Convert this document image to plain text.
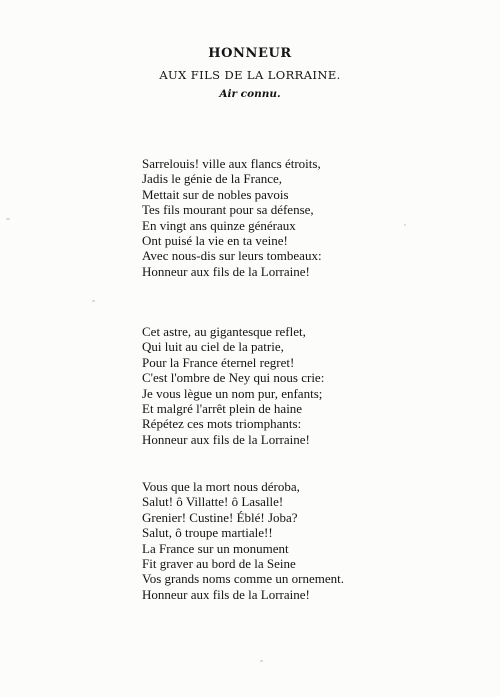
HONNEUR
AUX FILS DE LA LORRAINE.
Air connu.
Sarrelouis! ville aux flancs étroits,
Jadis le génie de la France,
Mettait sur de nobles pavois
Tes fils mourant pour sa défense,
En vingt ans quinze généraux
Ont puisé la vie en ta veine!
Avec nous-dis sur leurs tombeaux:
Honneur aux fils de la Lorraine!
Cet astre, au gigantesque reflet,
Qui luit au ciel de la patrie,
Pour la France éternel regret!
C'est l'ombre de Ney qui nous crie:
Je vous lègue un nom pur, enfants;
Et malgré l'arrêt plein de haine
Répétez ces mots triomphants:
Honneur aux fils de la Lorraine!
Vous que la mort nous déroba,
Salut! ô Villatte! ô Lasalle!
Grenier! Custine! Éblé! Joba?
Salut, ô troupe martiale!!
La France sur un monument
Fit graver au bord de la Seine
Vos grands noms comme un ornement.
Honneur aux fils de la Lorraine!
